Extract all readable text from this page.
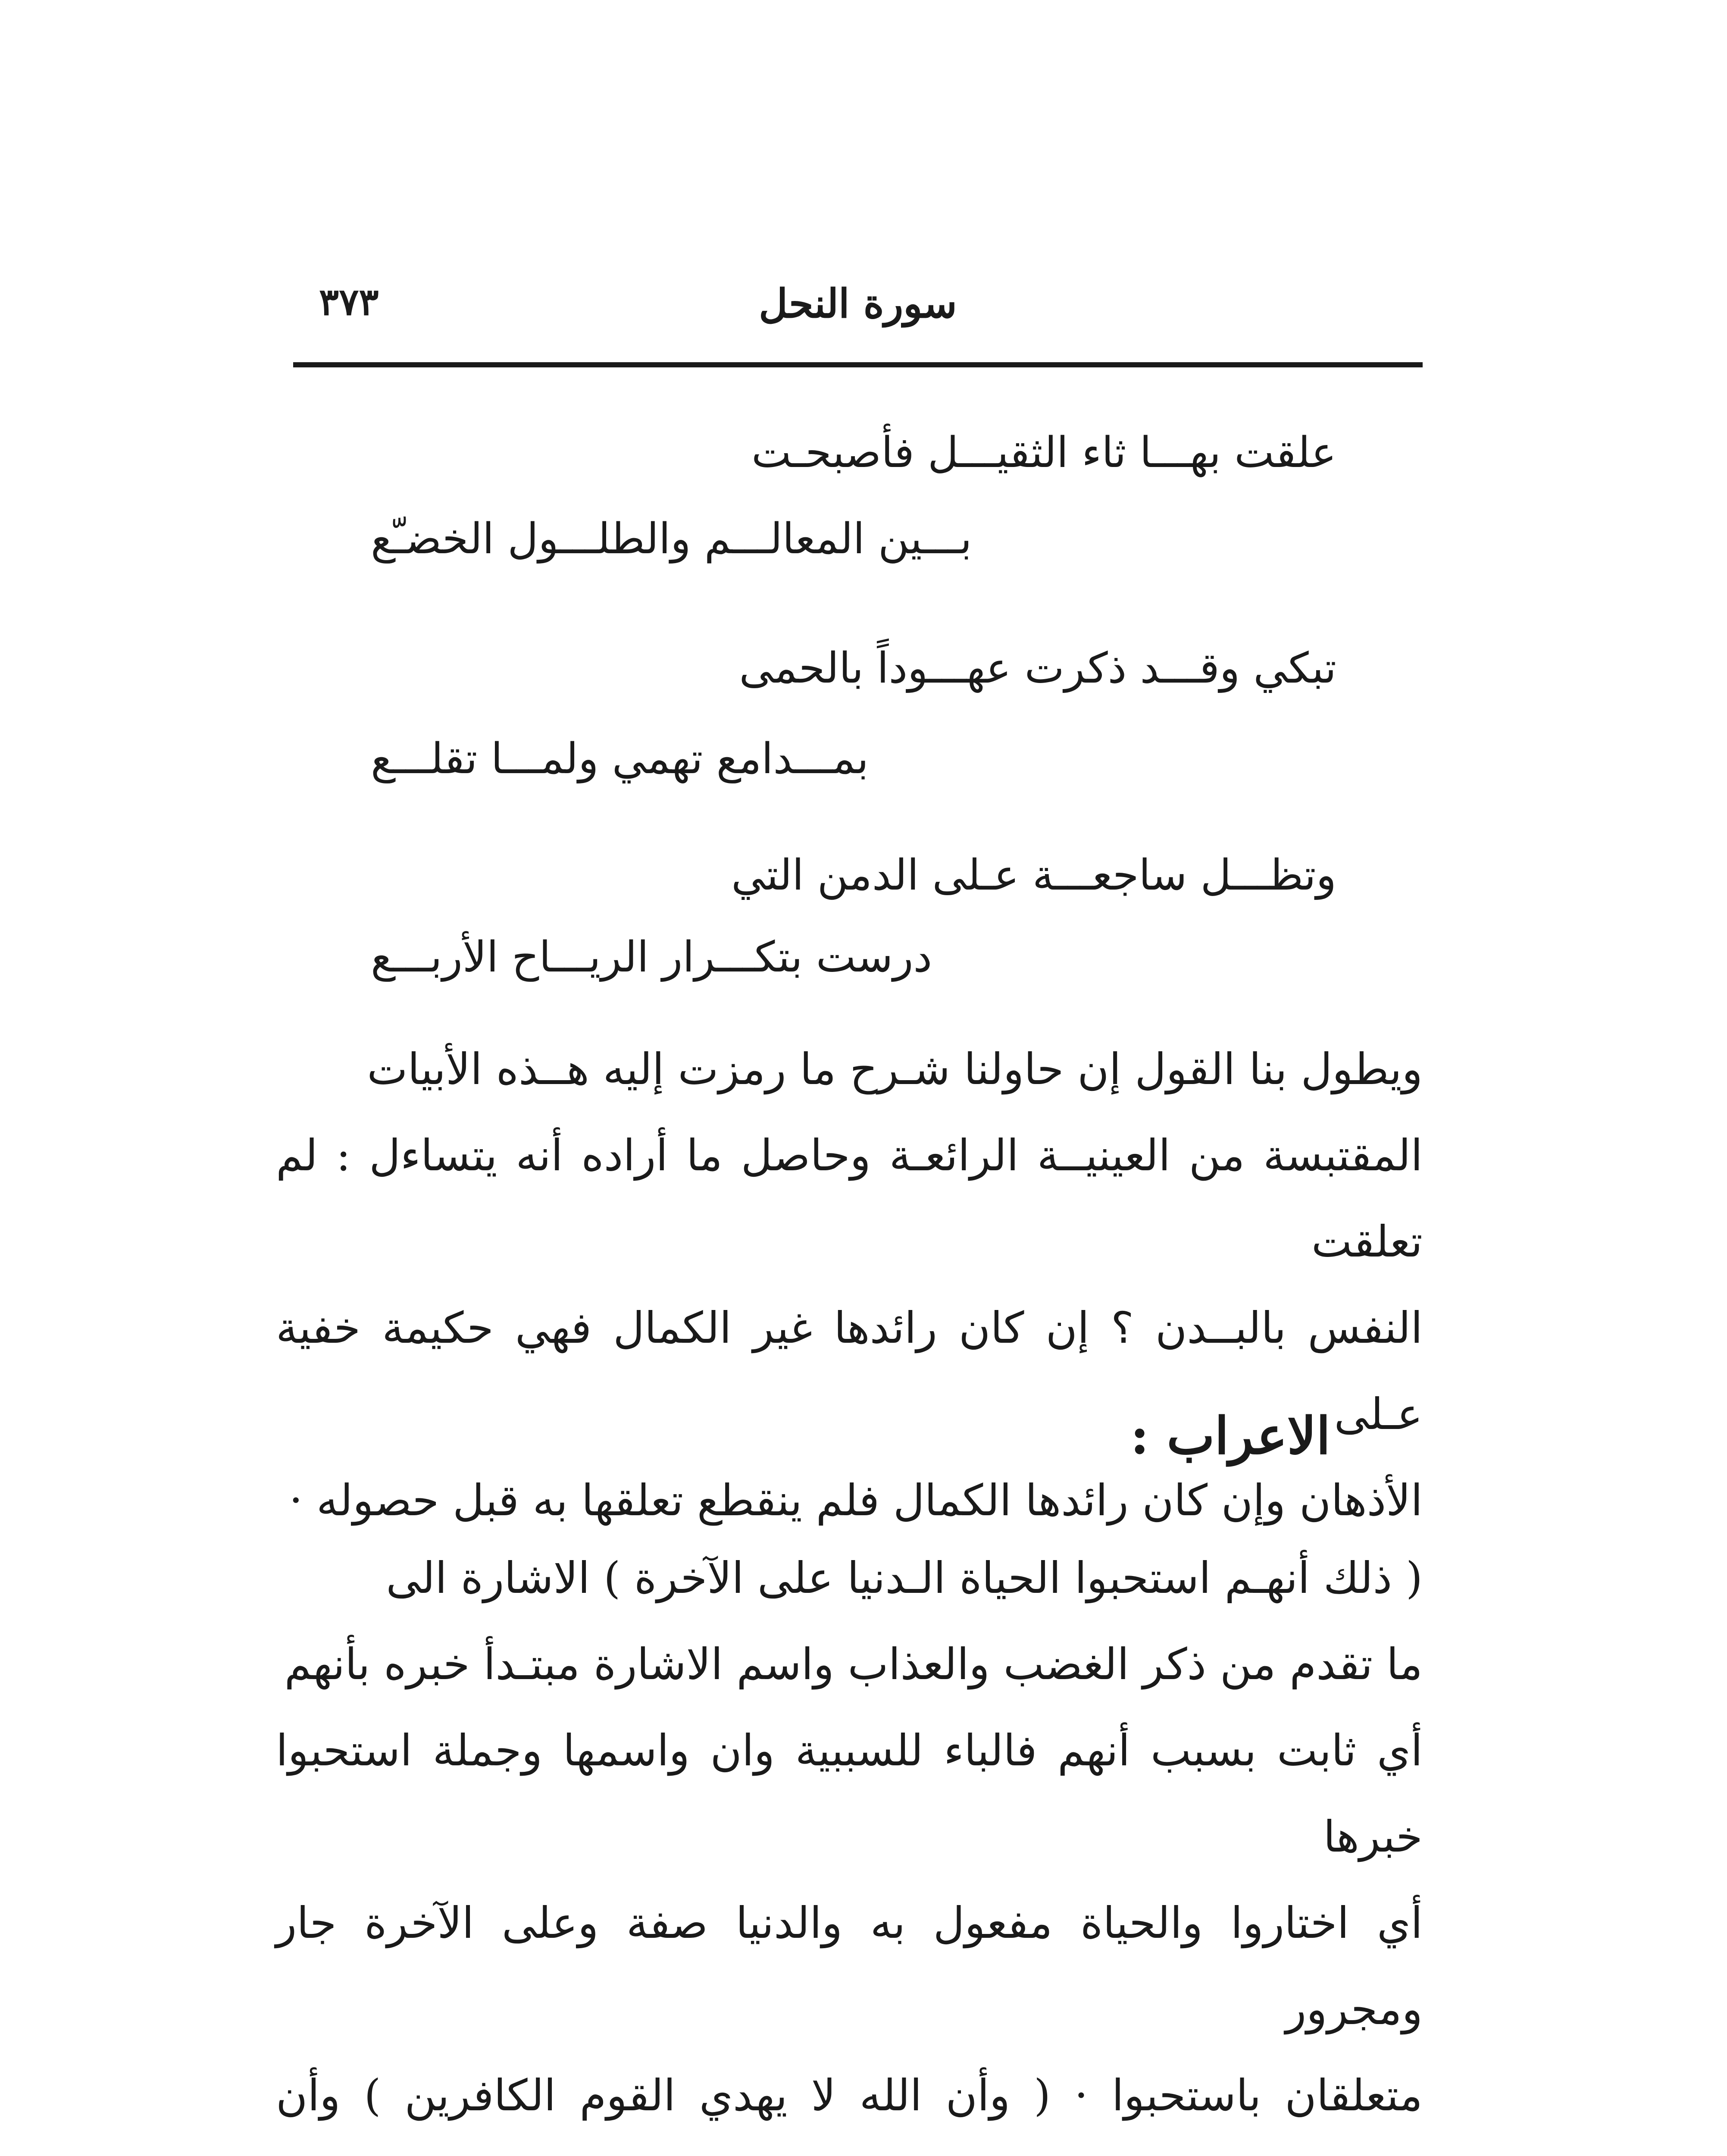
٣٧٣	سورة النحل
علقت بهـــا ثاء الثقيـــل فأصبحـت
بـــين المعالـــم والطلـــول الخضـّع
تبكي وقـــد ذكرت عهـــوداً بالحمى
بمـــدامع تهمي ولمـــا تقلـــع
وتظـــل ساجعـــة عـلى الدمن التي
درست بتكـــرار الريـــاح الأربـــع

ويطول بنا القول إن حاولنا شـرح ما رمزت إليه هــذه الأبيات

المقتبسة من العينيــة الرائعـة وحاصل ما أراده أنه يتساءل : لم تعلقت

النفس بالبــدن ؟ إن كان رائدها غير الكمال فهي حكيمة خفية عـلى

الأذهان وإن كان رائدها الكمال فلم ينقطع تعلقها به قبل حصوله ·

الاعراب :

( ذلك أنهـم استحبوا الحياة الـدنيا على الآخرة ) الاشارة الى

ما تقدم من ذكر الغضب والعذاب واسم الاشارة مبتـدأ خبره بأنهم

أي ثابت بسبب أنهم فالباء للسببية وان واسمها وجملة استحبوا خبرها

أي اختاروا والحياة مفعول به والدنيا صفة وعلى الآخرة جار ومجرور

متعلقان باستحبوا · ( وأن الله لا يهدي القوم الكافرين ) وأن
